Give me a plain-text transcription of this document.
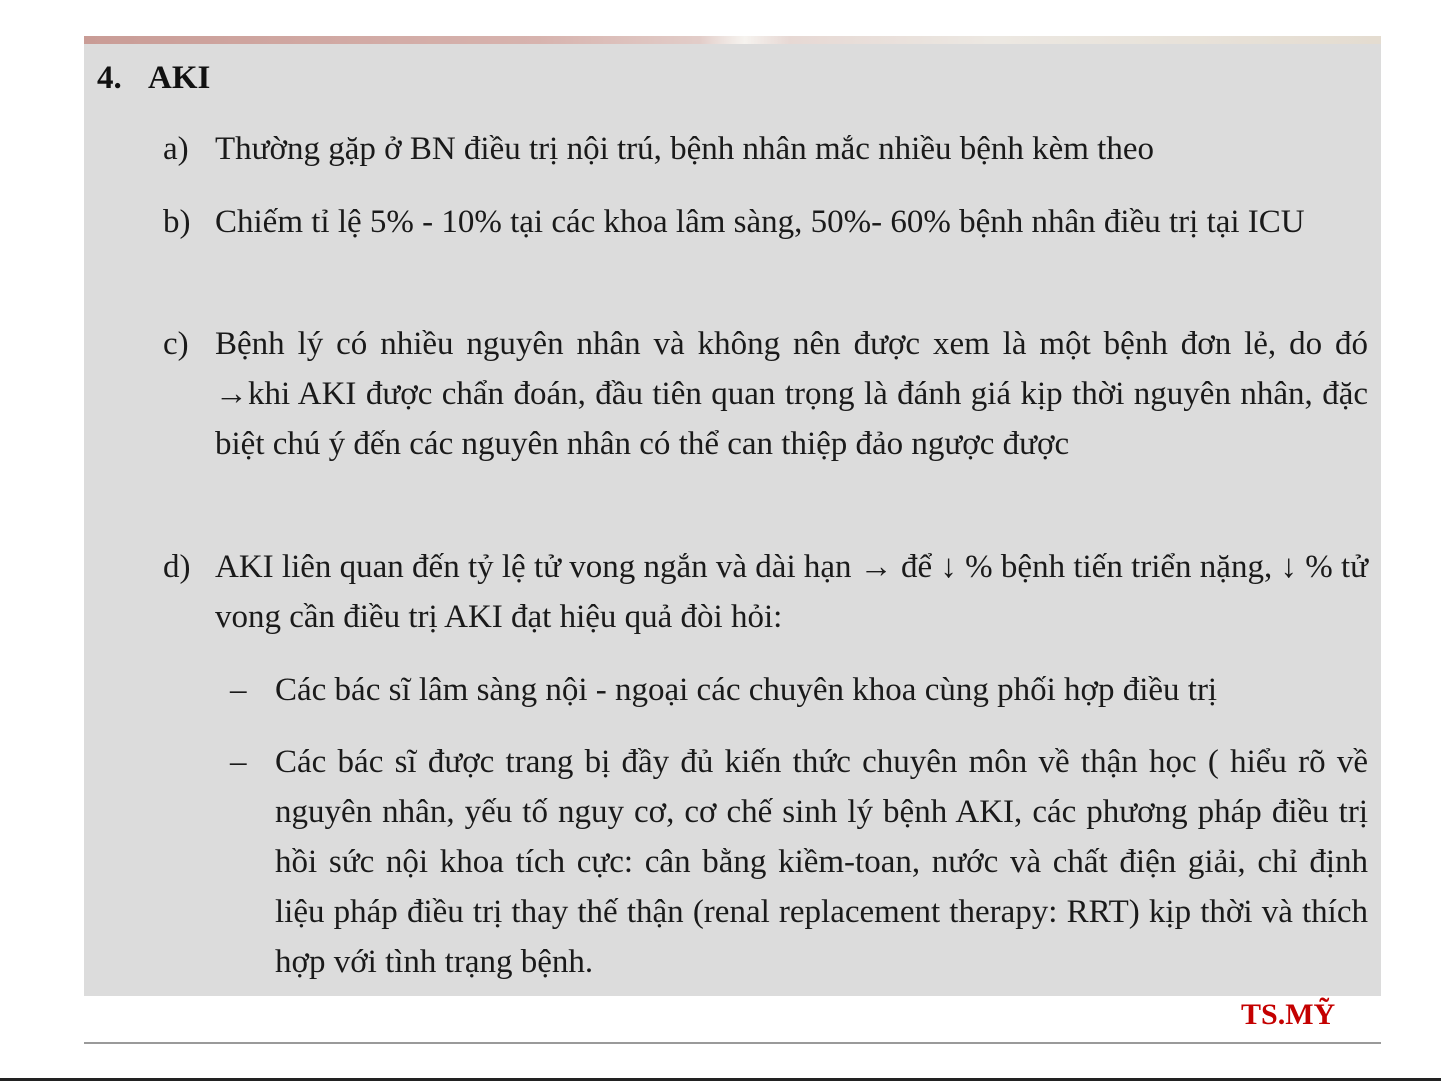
4. AKI
a) Thường gặp ở BN điều trị nội trú, bệnh nhân mắc nhiều bệnh kèm theo
b) Chiếm tỉ lệ 5% - 10% tại các khoa lâm sàng, 50%- 60% bệnh nhân điều trị tại ICU
c) Bệnh lý có nhiều nguyên nhân và không nên được xem là một bệnh đơn lẻ, do đó →khi AKI được chẩn đoán, đầu tiên quan trọng là đánh giá kịp thời nguyên nhân, đặc biệt chú ý đến các nguyên nhân có thể can thiệp đảo ngược được
d) AKI liên quan đến tỷ lệ tử vong ngắn và dài hạn → để ↓ % bệnh tiến triển nặng, ↓ % tử vong cần điều trị AKI đạt hiệu quả đòi hỏi:
– Các bác sĩ lâm sàng nội - ngoại các chuyên khoa cùng phối hợp điều trị
– Các bác sĩ được trang bị đầy đủ kiến thức chuyên môn về thận học ( hiểu rõ về nguyên nhân, yếu tố nguy cơ, cơ chế sinh lý bệnh AKI, các phương pháp điều trị hồi sức nội khoa tích cực: cân bằng kiềm-toan, nước và chất điện giải, chỉ định liệu pháp điều trị thay thế thận (renal replacement therapy: RRT) kịp thời và thích hợp với tình trạng bệnh.
TS.MỸ
